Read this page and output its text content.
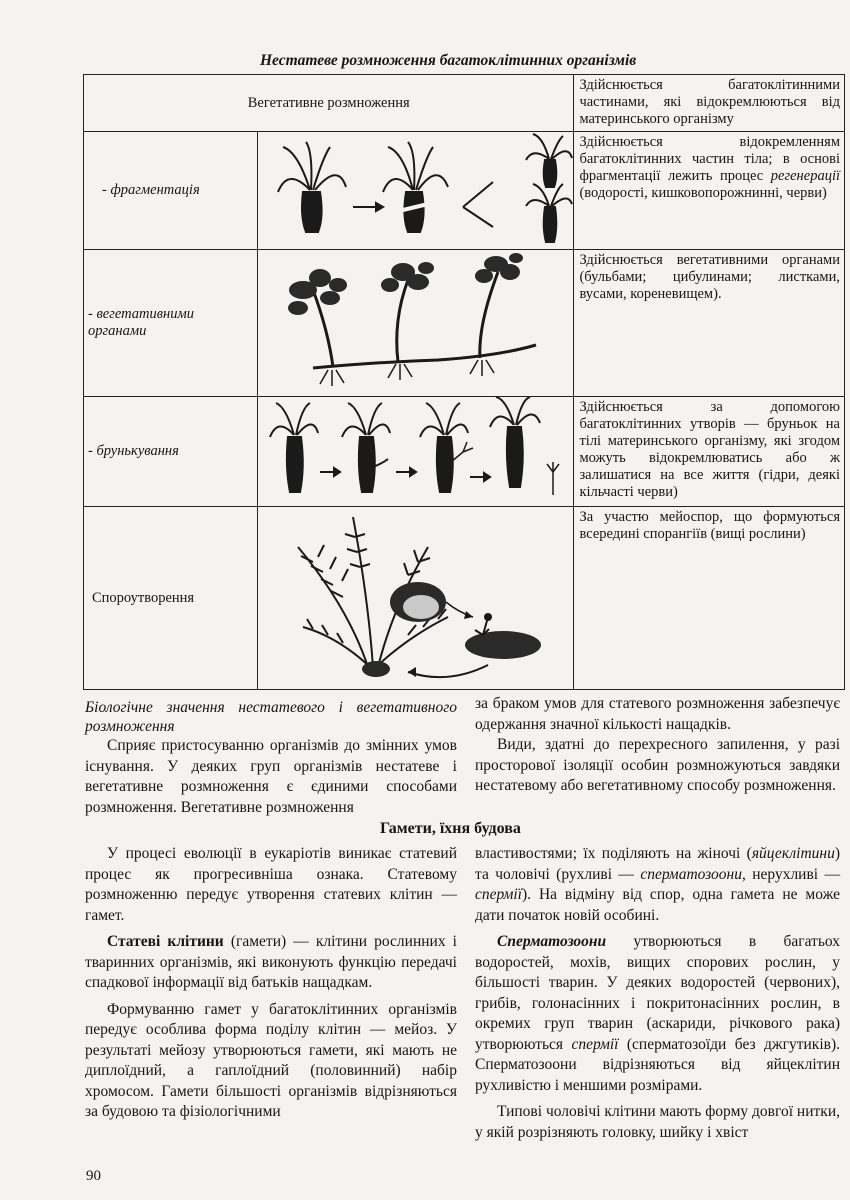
Нестатеве розмноження багатоклітинних організмів
Вегетативне розмноження		Здійснюється багатоклітинними частинами, які відокремлюються від материнського організму

- фрагментація		Здійснюється відокремленням багатоклітинних частин тіла; в основі фрагментації лежить процес регенерації (водорості, кишковопорожнинні, черви)

- вегетативними
органами		Здійснюється вегетативними органами (бульбами; цибулинами; листками, вусами, кореневищем).

- брунькування		Здійснюється за допомогою багатоклітинних утворів — бруньок на тілі материнського організму, які згодом можуть відокремлюватись або ж залишатися на все життя (гідри, деякі кільчасті черви)

Спороутворення		За участю мейоспор, що формуються всередині спорангіїв (вищі рослини)

Біологічне значення нестатевого і вегетативного розмноження

Сприяє пристосуванню організмів до змінних умов існування. У деяких груп організмів нестатеве і вегетативне розмноження є єдиними способами розмноження. Вегетативне розмноження

за браком умов для статевого розмноження забезпечує одержання значної кількості нащадків.

Види, здатні до перехресного запилення, у разі просторової ізоляції особин розмножуються завдяки нестатевому або вегетативному способу розмноження.

Гамети, їхня будова

У процесі еволюції в еукаріотів виникає статевий процес як прогресивніша ознака. Статевому розмноженню передує утворення статевих клітин — гамет.

Статеві клітини (гамети) — клітини рослинних і тваринних організмів, які виконують функцію передачі спадкової інформації від батьків нащадкам.

Формуванню гамет у багатоклітинних організмів передує особлива форма поділу клітин — мейоз. У результаті мейозу утворюються гамети, які мають не диплоїдний, а гаплоїдний (половинний) набір хромосом. Гамети більшості організмів відрізняються за будовою та фізіологічними

властивостями; їх поділяють на жіночі (яйцеклітини) та чоловічі (рухливі — сперматозоони, нерухливі — спермії). На відміну від спор, одна гамета не може дати початок новій особині.

Сперматозоони утворюються в багатьох водоростей, мохів, вищих спорових рослин, у більшості тварин. У деяких водоростей (червоних), грибів, голонасінних і покритонасінних рослин, в окремих груп тварин (аскариди, річкового рака) утворюються спермії (сперматозоїди без джгутиків). Сперматозоони відрізняються від яйцеклітин рухливістю і меншими розмірами.

Типові чоловічі клітини мають форму довгої нитки, у якій розрізняють головку, шийку і хвіст

90
